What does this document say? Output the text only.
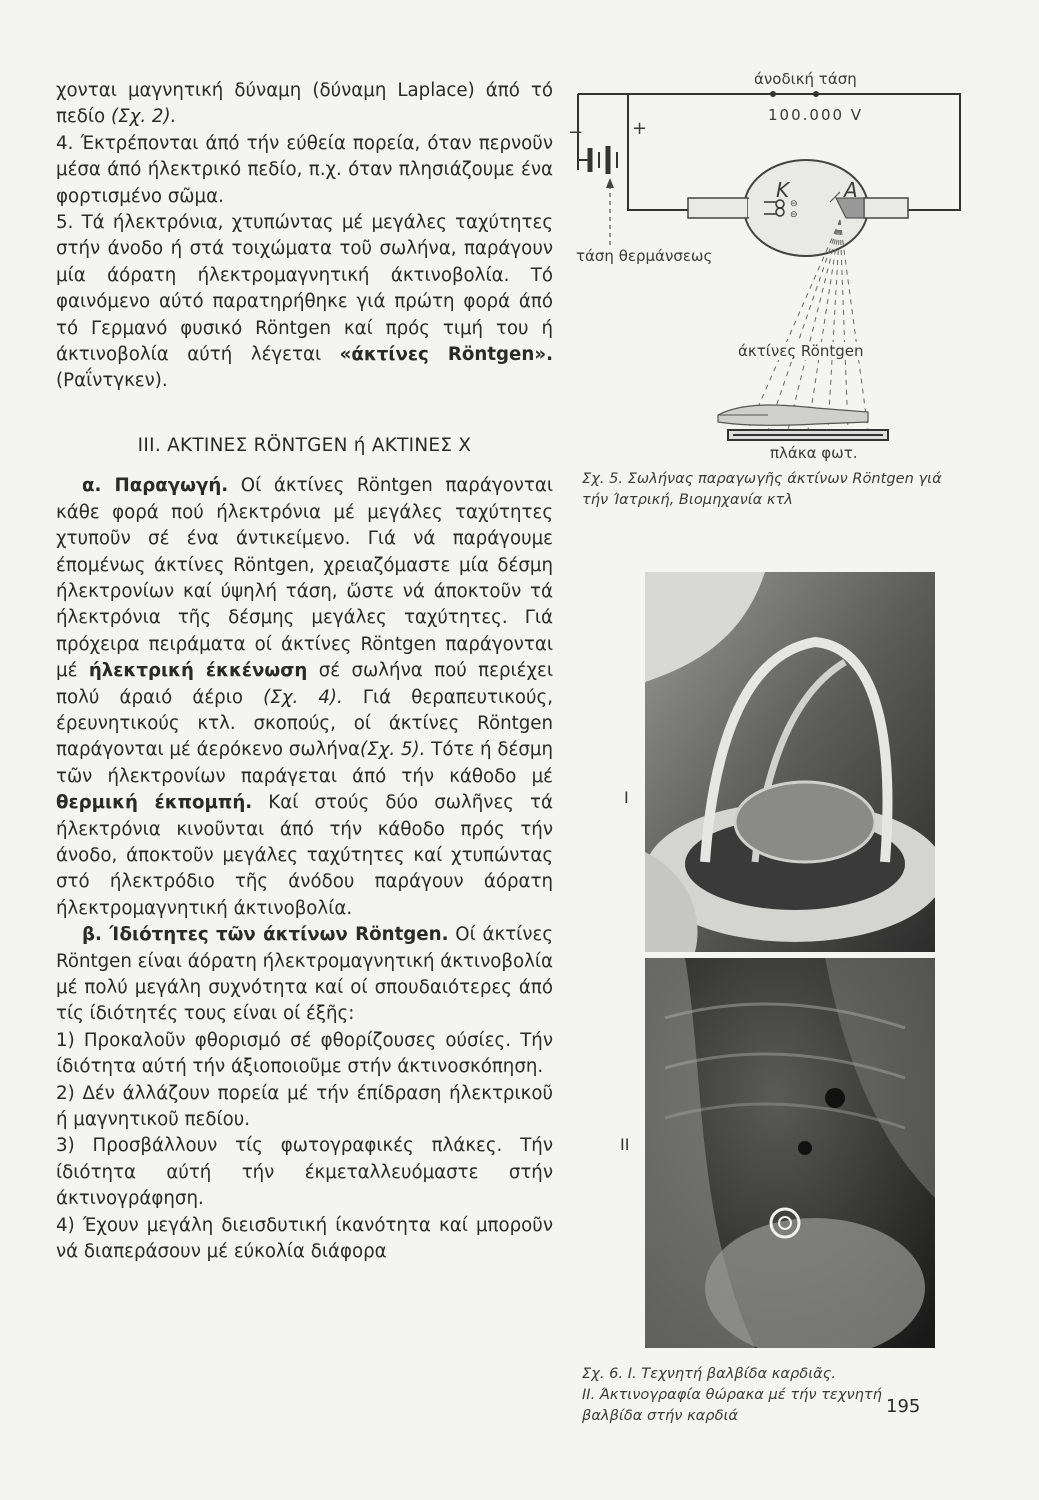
χονται μαγνητική δύναμη (δύναμη Laplace) άπό τό πεδίο (Σχ. 2).

4. Έκτρέπονται άπό τήν εύθεία πορεία, όταν περνοῦν μέσα άπό ήλεκτρικό πεδίο, π.χ. όταν πλησιάζουμε ένα φορτισμένο σῶμα.

5. Τά ήλεκτρόνια, χτυπώντας μέ μεγάλες ταχύτητες στήν άνοδο ή στά τοιχώματα τοῦ σωλήνα, παράγουν μία άόρατη ήλεκτρομαγνητική άκτινοβολία. Τό φαινόμενο αύτό παρατηρήθηκε γιά πρώτη φορά άπό τό Γερμανό φυσικό Röntgen καί πρός τιμή του ή άκτινοβολία αύτή λέγεται «άκτίνες Röntgen». (Ραΐντγκεν).

III. ΑΚΤΙΝΕΣ RÖNTGEN ή ΑΚΤΙΝΕΣ Χ

α. Παραγωγή. Οί άκτίνες Röntgen παράγονται κάθε φορά πού ήλεκτρόνια μέ μεγάλες ταχύτητες χτυποῦν σέ ένα άντικείμενο. Γιά νά παράγουμε έπομένως άκτίνες Röntgen, χρειαζόμαστε μία δέσμη ήλεκτρονίων καί ύψηλή τάση, ὥστε νά άποκτοῦν τά ήλεκτρόνια τῆς δέσμης μεγάλες ταχύτητες. Γιά πρόχειρα πειράματα οί άκτίνες Röntgen παράγονται μέ ήλεκτρική έκκένωση σέ σωλήνα πού περιέχει πολύ άραιό άέριο (Σχ. 4). Γιά θεραπευτικούς, έρευνητικούς κτλ. σκοπούς, οί άκτίνες Röntgen παράγονται μέ άερόκενο σωλήνα(Σχ. 5). Τότε ή δέσμη τῶν ήλεκτρονίων παράγεται άπό τήν κάθοδο μέ θερμική έκπομπή. Καί στούς δύο σωλῆνες τά ήλεκτρόνια κινοῦνται άπό τήν κάθοδο πρός τήν άνοδο, άποκτοῦν μεγάλες ταχύτητες καί χτυπώντας στό ήλεκτρόδιο τῆς άνόδου παράγουν άόρατη ήλεκτρομαγνητική άκτινοβολία.

β. Ίδιότητες τῶν άκτίνων Röntgen. Οί άκτίνες Röntgen είναι άόρατη ήλεκτρομαγνητική άκτινοβολία μέ πολύ μεγάλη συχνότητα καί οί σπουδαιότερες άπό τίς ίδιότητές τους είναι οί έξῆς:

1) Προκαλοῦν φθορισμό σέ φθορίζουσες ούσίες. Τήν ίδιότητα αύτή τήν άξιοποιοῦμε στήν άκτινοσκόπηση.

2) Δέν άλλάζουν πορεία μέ τήν έπίδραση ήλεκτρικοῦ ή μαγνητικοῦ πεδίου.

3) Προσβάλλουν τίς φωτογραφικές πλάκες. Τήν ίδιότητα αύτή τήν έκμεταλλευόμαστε στήν άκτινογράφηση.

4) Έχουν μεγάλη διεισδυτική ίκανότητα καί μποροῦν νά διαπεράσουν μέ εύκολία διάφορα

⊖
⊖
άνοδική τάση
100.000 V
−	+
K	A
τάση θερμάνσεως
άκτίνες Röntgen
πλάκα φωτ.
Σχ. 5. Σωλήνας παραγωγῆς άκτίνων Röntgen γιά τήν Ίατρική, Βιομηχανία κτλ
I
II
Σχ. 6. I. Τεχνητή βαλβίδα καρδιᾶς.
II. Άκτινογραφία θώρακα μέ τήν τεχνητή βαλβίδα στήν καρδιά	195
